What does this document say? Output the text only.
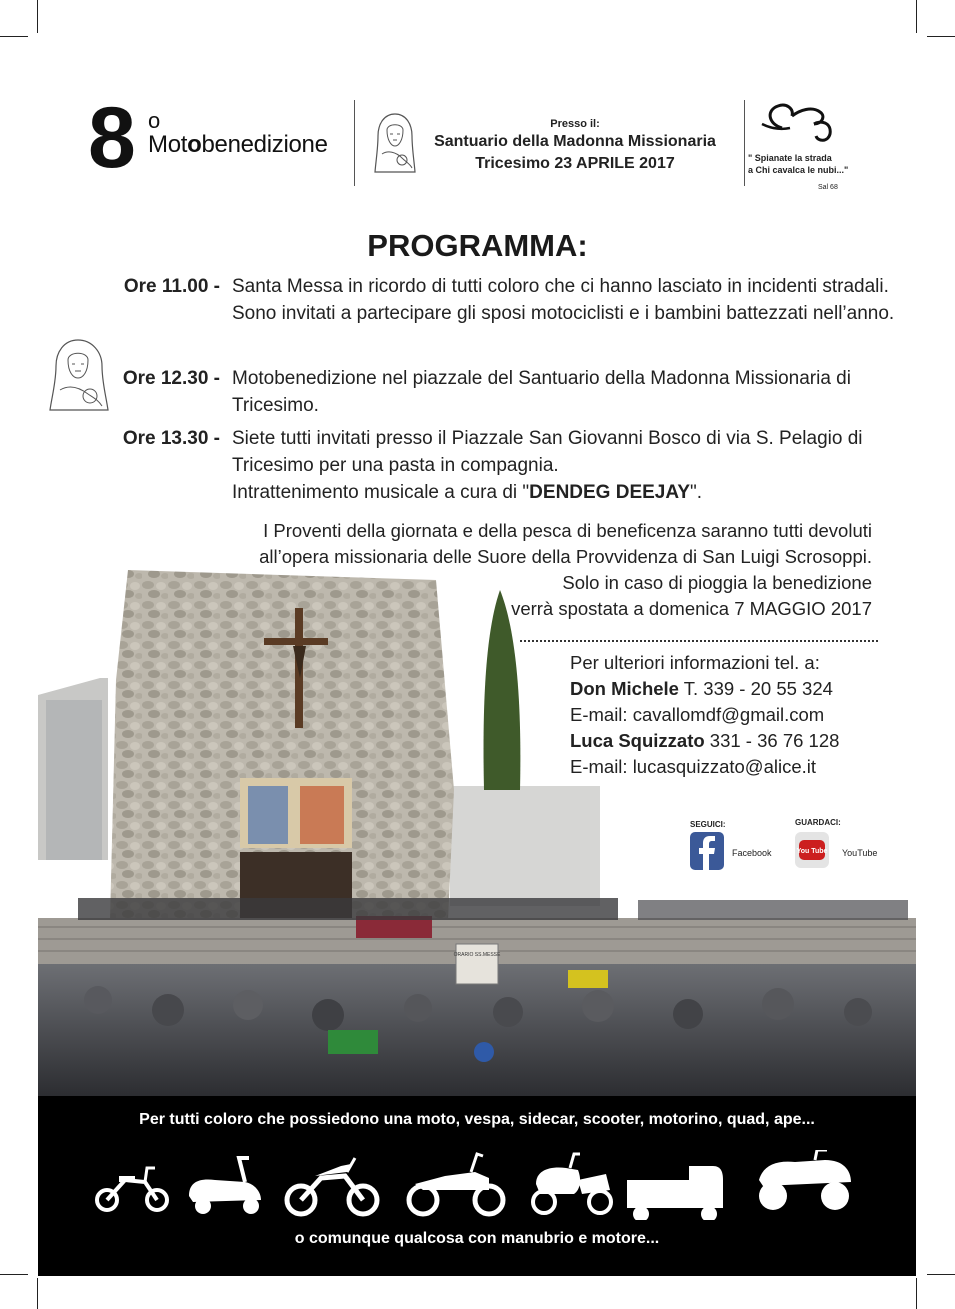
8 o
Motobenedizione
Presso il:
Santuario della Madonna Missionaria
Tricesimo 23 APRILE 2017	" Spianate la strada
a Chi cavalca le nubi..."
Sal 68
PROGRAMMA:
Ore 11.00 - Santa Messa in ricordo di tutti coloro che ci hanno lasciato in incidenti stradali.
Sono invitati a partecipare gli sposi motociclisti e i bambini battezzati nell’anno.
Ore 12.30 - Motobenedizione nel piazzale del Santuario della Madonna Missionaria di Tricesimo.
Ore 13.30 - Siete tutti invitati presso il Piazzale San Giovanni Bosco di via S. Pelagio di
Tricesimo per una pasta in compagnia.
Intrattenimento musicale a cura di "DENDEG DEEJAY".
ORARIO SS.MESSE
I Proventi della giornata e della pesca di beneficenza saranno tutti devoluti
all’opera missionaria delle Suore della Provvidenza di San Luigi Scrosoppi.
Solo in caso di pioggia la benedizione
verrà spostata a domenica 7 MAGGIO 2017
Per ulteriori informazioni tel. a:
Don Michele T. 339 - 20 55 324
E-mail: cavallomdf@gmail.com
Luca Squizzato 331 - 36 76 128
E-mail: lucasquizzato@alice.it
SEGUICI:
Facebook
GUARDACI:
You Tube YouTube
Per tutti coloro che possiedono una moto, vespa, sidecar, scooter, motorino, quad, ape...
o comunque qualcosa con manubrio e motore...
